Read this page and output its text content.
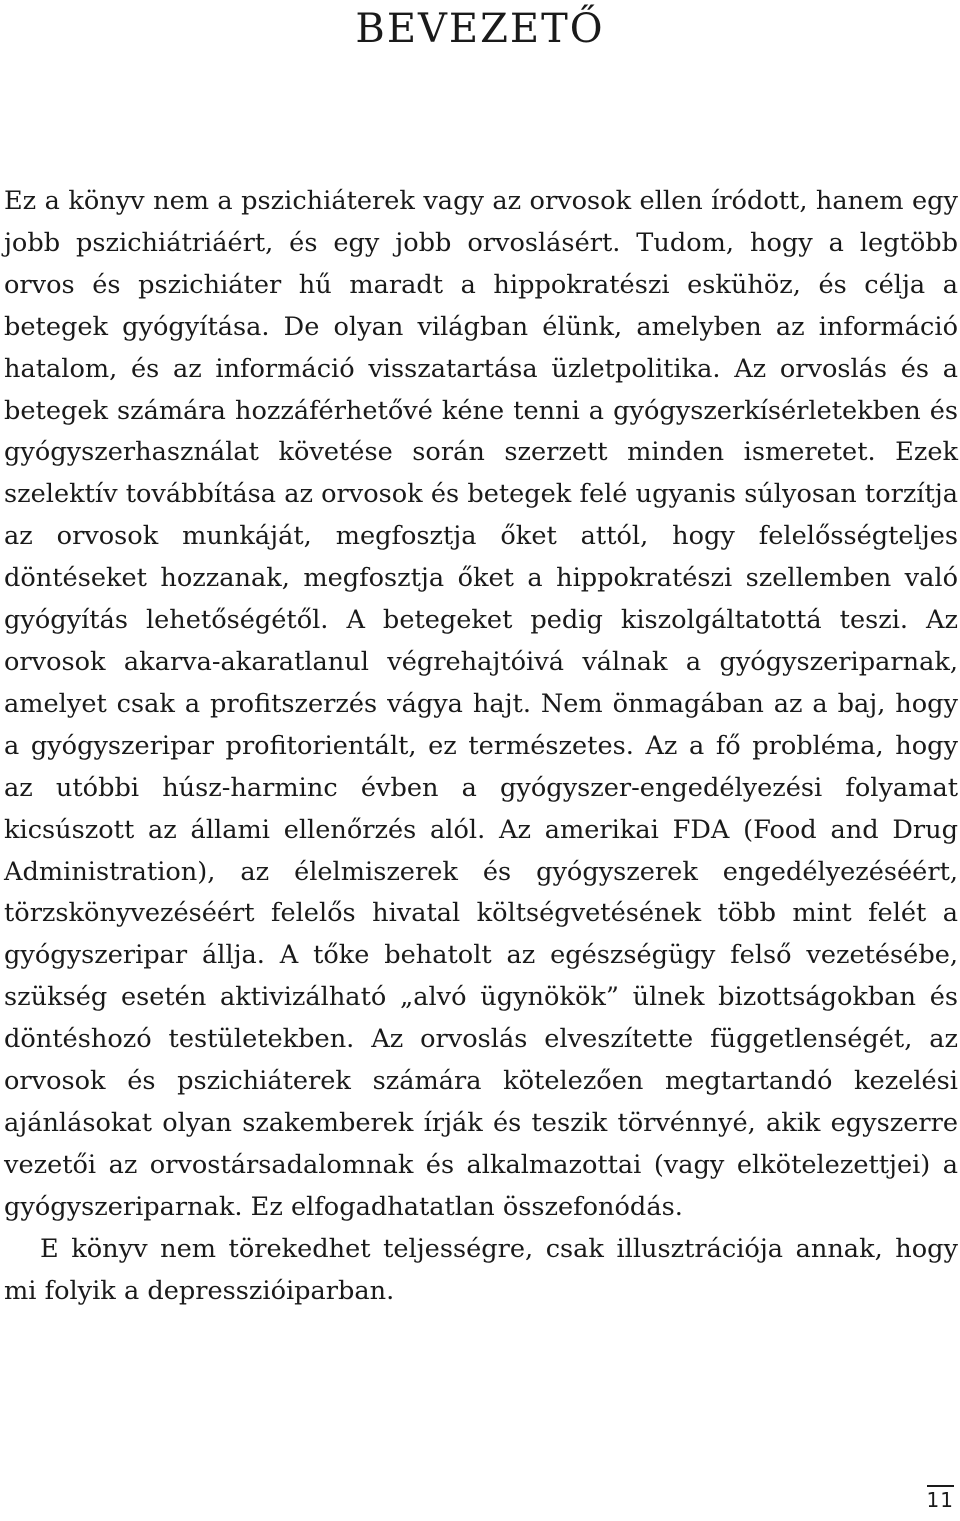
BEVEZETŐ

Ez a könyv nem a pszichiáterek vagy az orvosok ellen íródott, hanem egy jobb pszichiátriáért, és egy jobb orvoslásért. Tudom, hogy a legtöbb orvos és pszichiáter hű maradt a hippokratészi eskühöz, és célja a betegek gyógyítása. De olyan világban élünk, amelyben az információ hatalom, és az információ visszatartása üzletpolitika. Az orvoslás és a betegek számára hozzáférhetővé kéne tenni a gyógyszerkísérletekben és gyógyszerhasználat követése során szerzett minden ismeretet. Ezek szelektív továbbítása az orvosok és betegek felé ugyanis súlyosan torzítja az orvosok munkáját, megfosztja őket attól, hogy felelősségteljes döntéseket hozzanak, megfosztja őket a hippokratészi szellemben való gyógyítás lehetőségétől. A betegeket pedig kiszolgáltatottá teszi. Az orvosok akarva-akaratlanul végrehajtóivá válnak a gyógyszeriparnak, amelyet csak a profitszerzés vágya hajt. Nem önmagában az a baj, hogy a gyógyszeripar profitorientált, ez természetes. Az a fő probléma, hogy az utóbbi húsz-harminc évben a gyógyszer-engedélyezési folyamat kicsúszott az állami ellenőrzés alól. Az amerikai FDA (Food and Drug Administration), az élelmiszerek és gyógyszerek engedélyezéséért, törzskönyvezéséért felelős hivatal költségvetésének több mint felét a gyógyszeripar állja. A tőke behatolt az egészségügy felső vezetésébe, szükség esetén aktivizálható „alvó ügynökök” ülnek bizottságokban és döntéshozó testületekben. Az orvoslás elveszítette függetlenségét, az orvosok és pszichiáterek számára kötelezően megtartandó kezelési ajánlásokat olyan szakemberek írják és teszik törvénnyé, akik egyszerre vezetői az orvostársadalomnak és alkalmazottai (vagy elkötelezettjei) a gyógyszeriparnak. Ez elfogadhatatlan összefonódás.

E könyv nem törekedhet teljességre, csak illusztrációja annak, hogy mi folyik a depresszióiparban.

11
